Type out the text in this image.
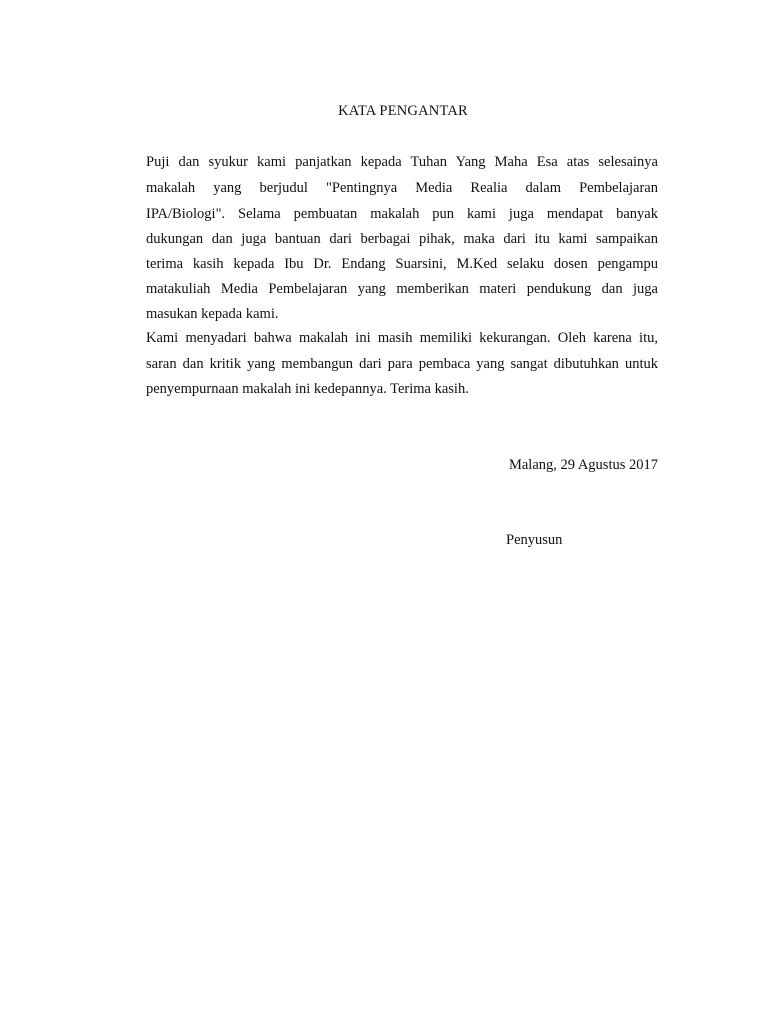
KATA PENGANTAR
Puji dan syukur kami panjatkan kepada Tuhan Yang Maha Esa atas selesainya
makalah yang berjudul "Pentingnya Media Realia dalam Pembelajaran
IPA/Biologi". Selama pembuatan makalah pun kami juga mendapat banyak
dukungan dan juga bantuan dari berbagai pihak, maka dari itu kami sampaikan
terima kasih kepada Ibu Dr. Endang Suarsini, M.Ked selaku dosen pengampu
matakuliah Media Pembelajaran yang memberikan materi pendukung dan juga
masukan kepada kami.
Kami menyadari bahwa makalah ini masih memiliki kekurangan. Oleh karena itu,
saran dan kritik yang membangun dari para pembaca yang sangat dibutuhkan untuk
penyempurnaan makalah ini kedepannya. Terima kasih.
Malang, 29 Agustus 2017
Penyusun
